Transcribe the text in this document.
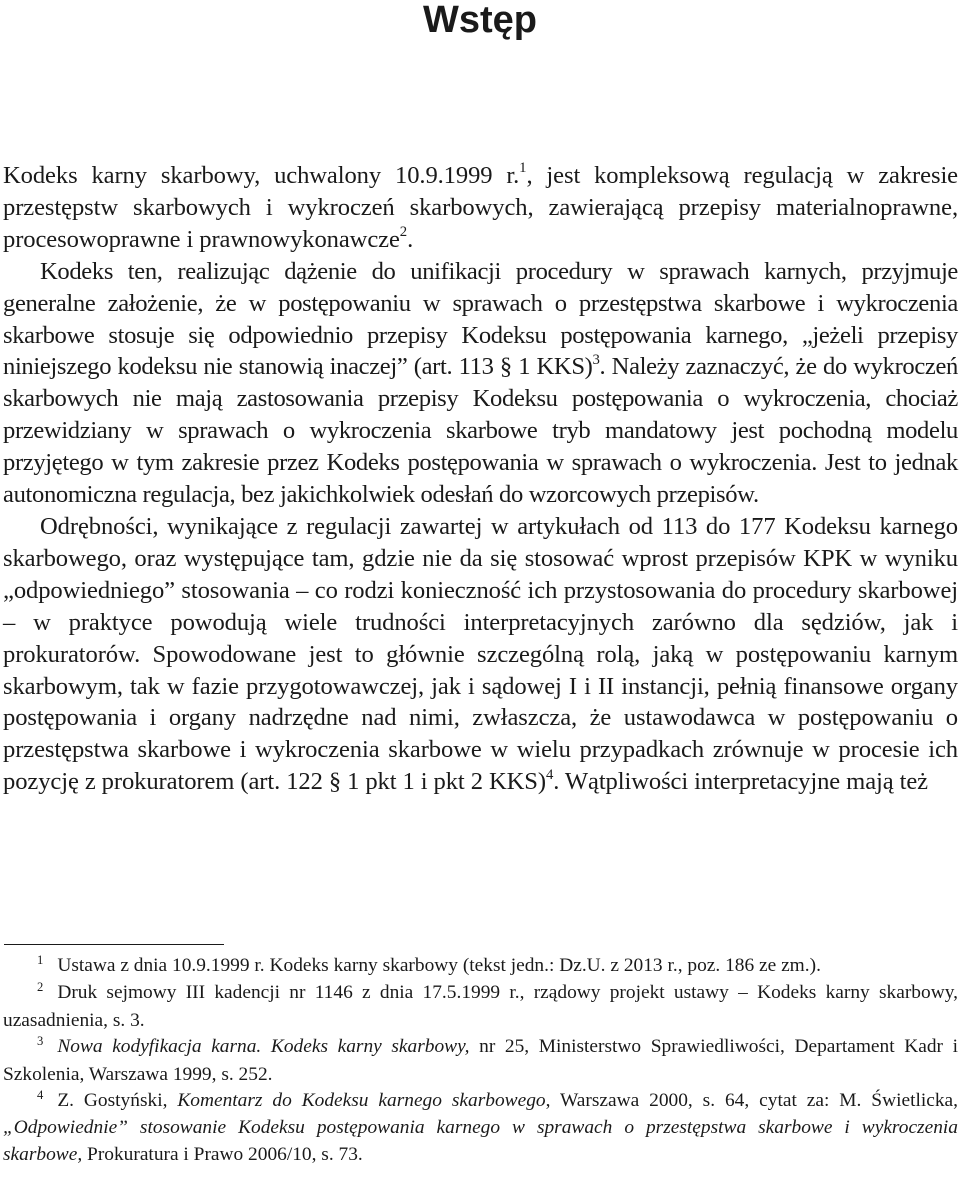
Wstęp

Kodeks karny skarbowy, uchwalony 10.9.1999 r.$^1$, jest kompleksową regulacją w zakresie przestępstw skarbowych i wykroczeń skarbowych, zawierającą przepisy materialnoprawne, procesowoprawne i prawnowykonawcze$^2$.

Kodeks ten, realizując dążenie do unifikacji procedury w sprawach karnych, przyjmuje generalne założenie, że w postępowaniu w sprawach o przestępstwa skarbowe i wykroczenia skarbowe stosuje się odpowiednio przepisy Kodeksu postępowania karnego, „jeżeli przepisy niniejszego kodeksu nie stanowią inaczej” (art. 113 § 1 KKS)$^3$. Należy zaznaczyć, że do wykroczeń skarbowych nie mają zastosowania przepisy Kodeksu postępowania o wykroczenia, chociaż przewidziany w sprawach o wykroczenia skarbowe tryb mandatowy jest pochodną modelu przyjętego w tym zakresie przez Kodeks postępowania w sprawach o wykroczenia. Jest to jednak autonomiczna regulacja, bez jakichkolwiek odesłań do wzorcowych przepisów.

Odrębności, wynikające z regulacji zawartej w artykułach od 113 do 177 Kodeksu karnego skarbowego, oraz występujące tam, gdzie nie da się stosować wprost przepisów KPK w wyniku „odpowiedniego” stosowania – co rodzi konieczność ich przystosowania do procedury skarbowej – w praktyce powodują wiele trudności interpretacyjnych zarówno dla sędziów, jak i prokuratorów. Spowodowane jest to głównie szczególną rolą, jaką w postępowaniu karnym skarbowym, tak w fazie przygotowawczej, jak i sądowej I i II instancji, pełnią finansowe organy postępowania i organy nadrzędne nad nimi, zwłaszcza, że ustawodawca w postępowaniu o przestępstwa skarbowe i wykroczenia skarbowe w wielu przypadkach zrównuje w procesie ich pozycję z prokuratorem (art. 122 § 1 pkt 1 i pkt 2 KKS)$^4$. Wątpliwości interpretacyjne mają też

$^1$ Ustawa z dnia 10.9.1999 r. Kodeks karny skarbowy (tekst jedn.: Dz.U. z 2013 r., poz. 186 ze zm.).

$^2$ Druk sejmowy III kadencji nr 1146 z dnia 17.5.1999 r., rządowy projekt ustawy – Kodeks karny skarbowy, uzasadnienia, s. 3.

$^3$ Nowa kodyfikacja karna. Kodeks karny skarbowy, nr 25, Ministerstwo Sprawiedliwości, Departament Kadr i Szkolenia, Warszawa 1999, s. 252.

$^4$ Z. Gostyński, Komentarz do Kodeksu karnego skarbowego, Warszawa 2000, s. 64, cytat za: M. Świetlicka, „Odpowiednie” stosowanie Kodeksu postępowania karnego w sprawach o przestępstwa skarbowe i wykroczenia skarbowe, Prokuratura i Prawo 2006/10, s. 73.
